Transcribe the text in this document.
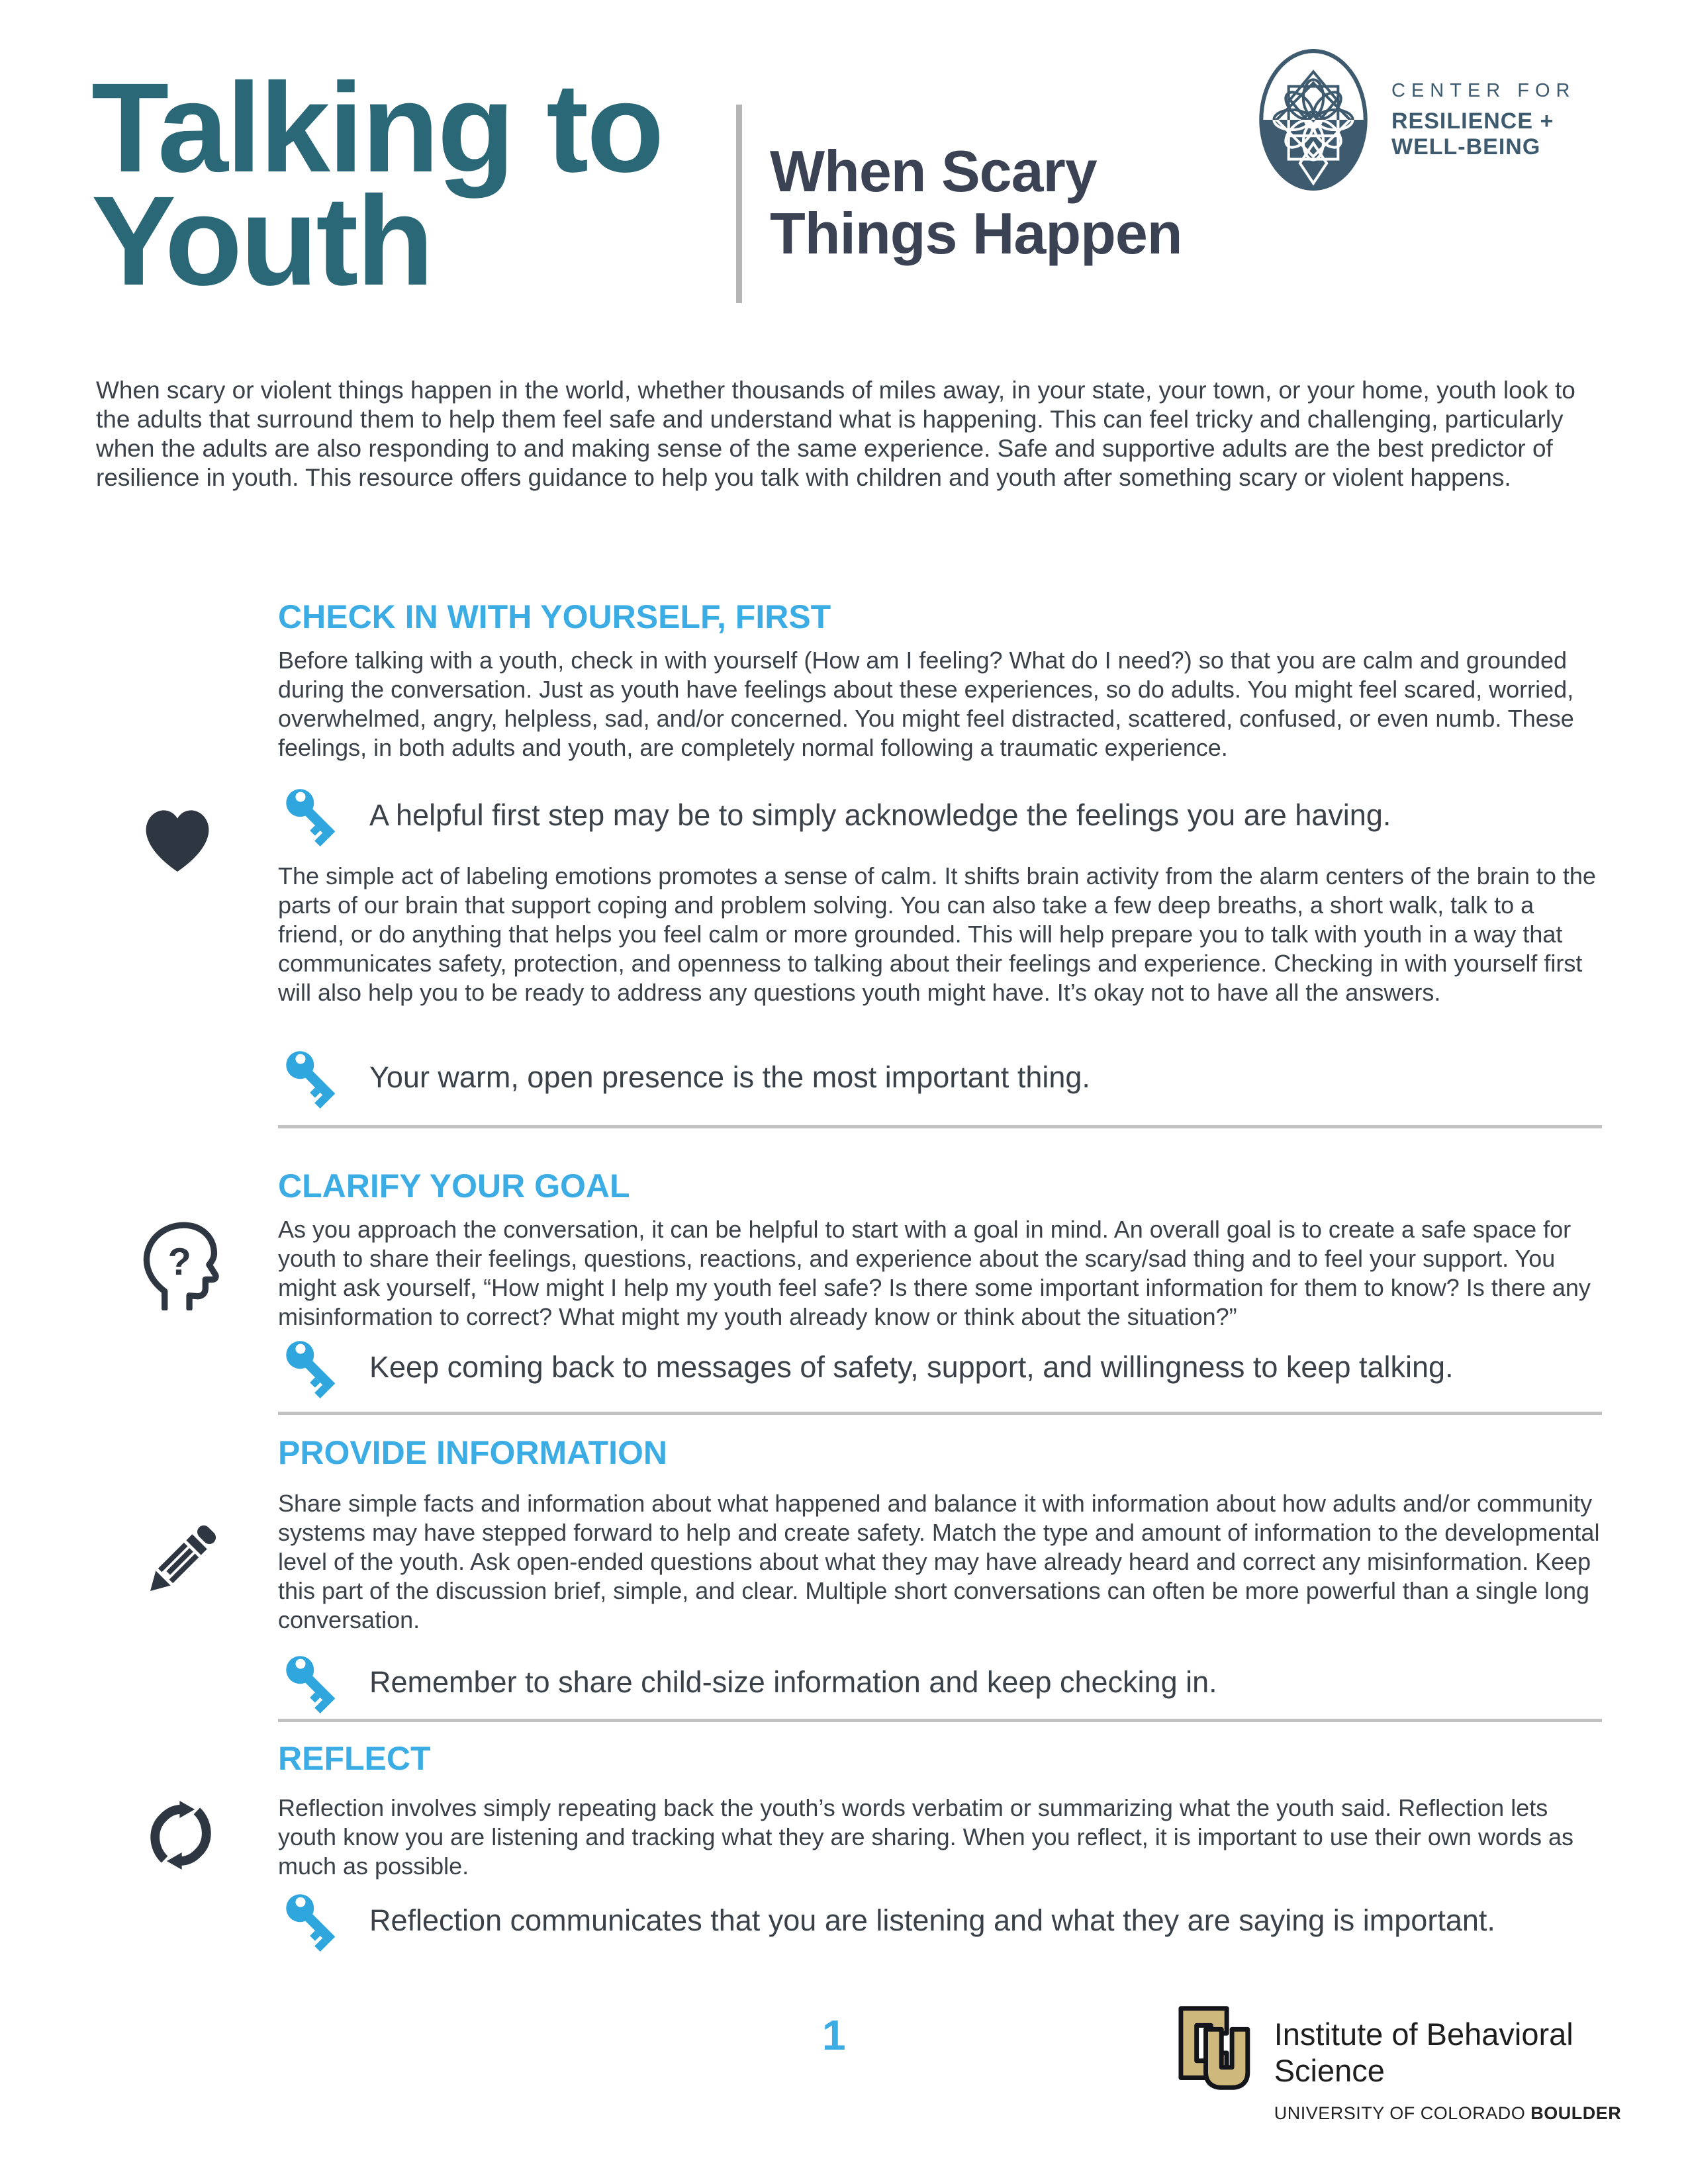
Talking to
Youth	When Scary
Things Happen
CENTER FOR
RESILIENCE + WELL-BEING
When scary or violent things happen in the world, whether thousands of miles away, in your state, your town, or your home, youth look to the adults that surround them to help them feel safe and understand what is happening. This can feel tricky and challenging, particularly when the adults are also responding to and making sense of the same experience. Safe and supportive adults are the best predictor of resilience in youth. This resource offers guidance to help you talk with children and youth after something scary or violent happens.
CHECK IN WITH YOURSELF, FIRST
Before talking with a youth, check in with yourself (How am I feeling? What do I need?) so that you are calm and grounded during the conversation. Just as youth have feelings about these experiences, so do adults. You might feel scared, worried, overwhelmed, angry, helpless, sad, and/or concerned. You might feel distracted, scattered, confused, or even numb. These feelings, in both adults and youth, are completely normal following a traumatic experience.
A helpful first step may be to simply acknowledge the feelings you are having.
The simple act of labeling emotions promotes a sense of calm. It shifts brain activity from the alarm centers of the brain to the parts of our brain that support coping and problem solving. You can also take a few deep breaths, a short walk, talk to a friend, or do anything that helps you feel calm or more grounded. This will help prepare you to talk with youth in a way that communicates safety, protection, and openness to talking about their feelings and experience. Checking in with yourself first will also help you to be ready to address any questions youth might have. It’s okay not to have all the answers.
Your warm, open presence is the most important thing.
CLARIFY YOUR GOAL
?
As you approach the conversation, it can be helpful to start with a goal in mind. An overall goal is to create a safe space for youth to share their feelings, questions, reactions, and experience about the scary/sad thing and to feel your support. You might ask yourself, “How might I help my youth feel safe? Is there some important information for them to know? Is there any misinformation to correct? What might my youth already know or think about the situation?”
Keep coming back to messages of safety, support, and willingness to keep talking.
PROVIDE INFORMATION
Share simple facts and information about what happened and balance it with information about how adults and/or community systems may have stepped forward to help and create safety. Match the type and amount of information to the developmental level of the youth. Ask open-ended questions about what they may have already heard and correct any misinformation. Keep this part of the discussion brief, simple, and clear. Multiple short conversations can often be more powerful than a single long conversation.
Remember to share child-size information and keep checking in.
REFLECT
Reflection involves simply repeating back the youth’s words verbatim or summarizing what the youth said. Reflection lets youth know you are listening and tracking what they are sharing. When you reflect, it is important to use their own words as much as possible.
Reflection communicates that you are listening and what they are saying is important.
1	Institute of Behavioral Science
UNIVERSITY OF COLORADO BOULDER
